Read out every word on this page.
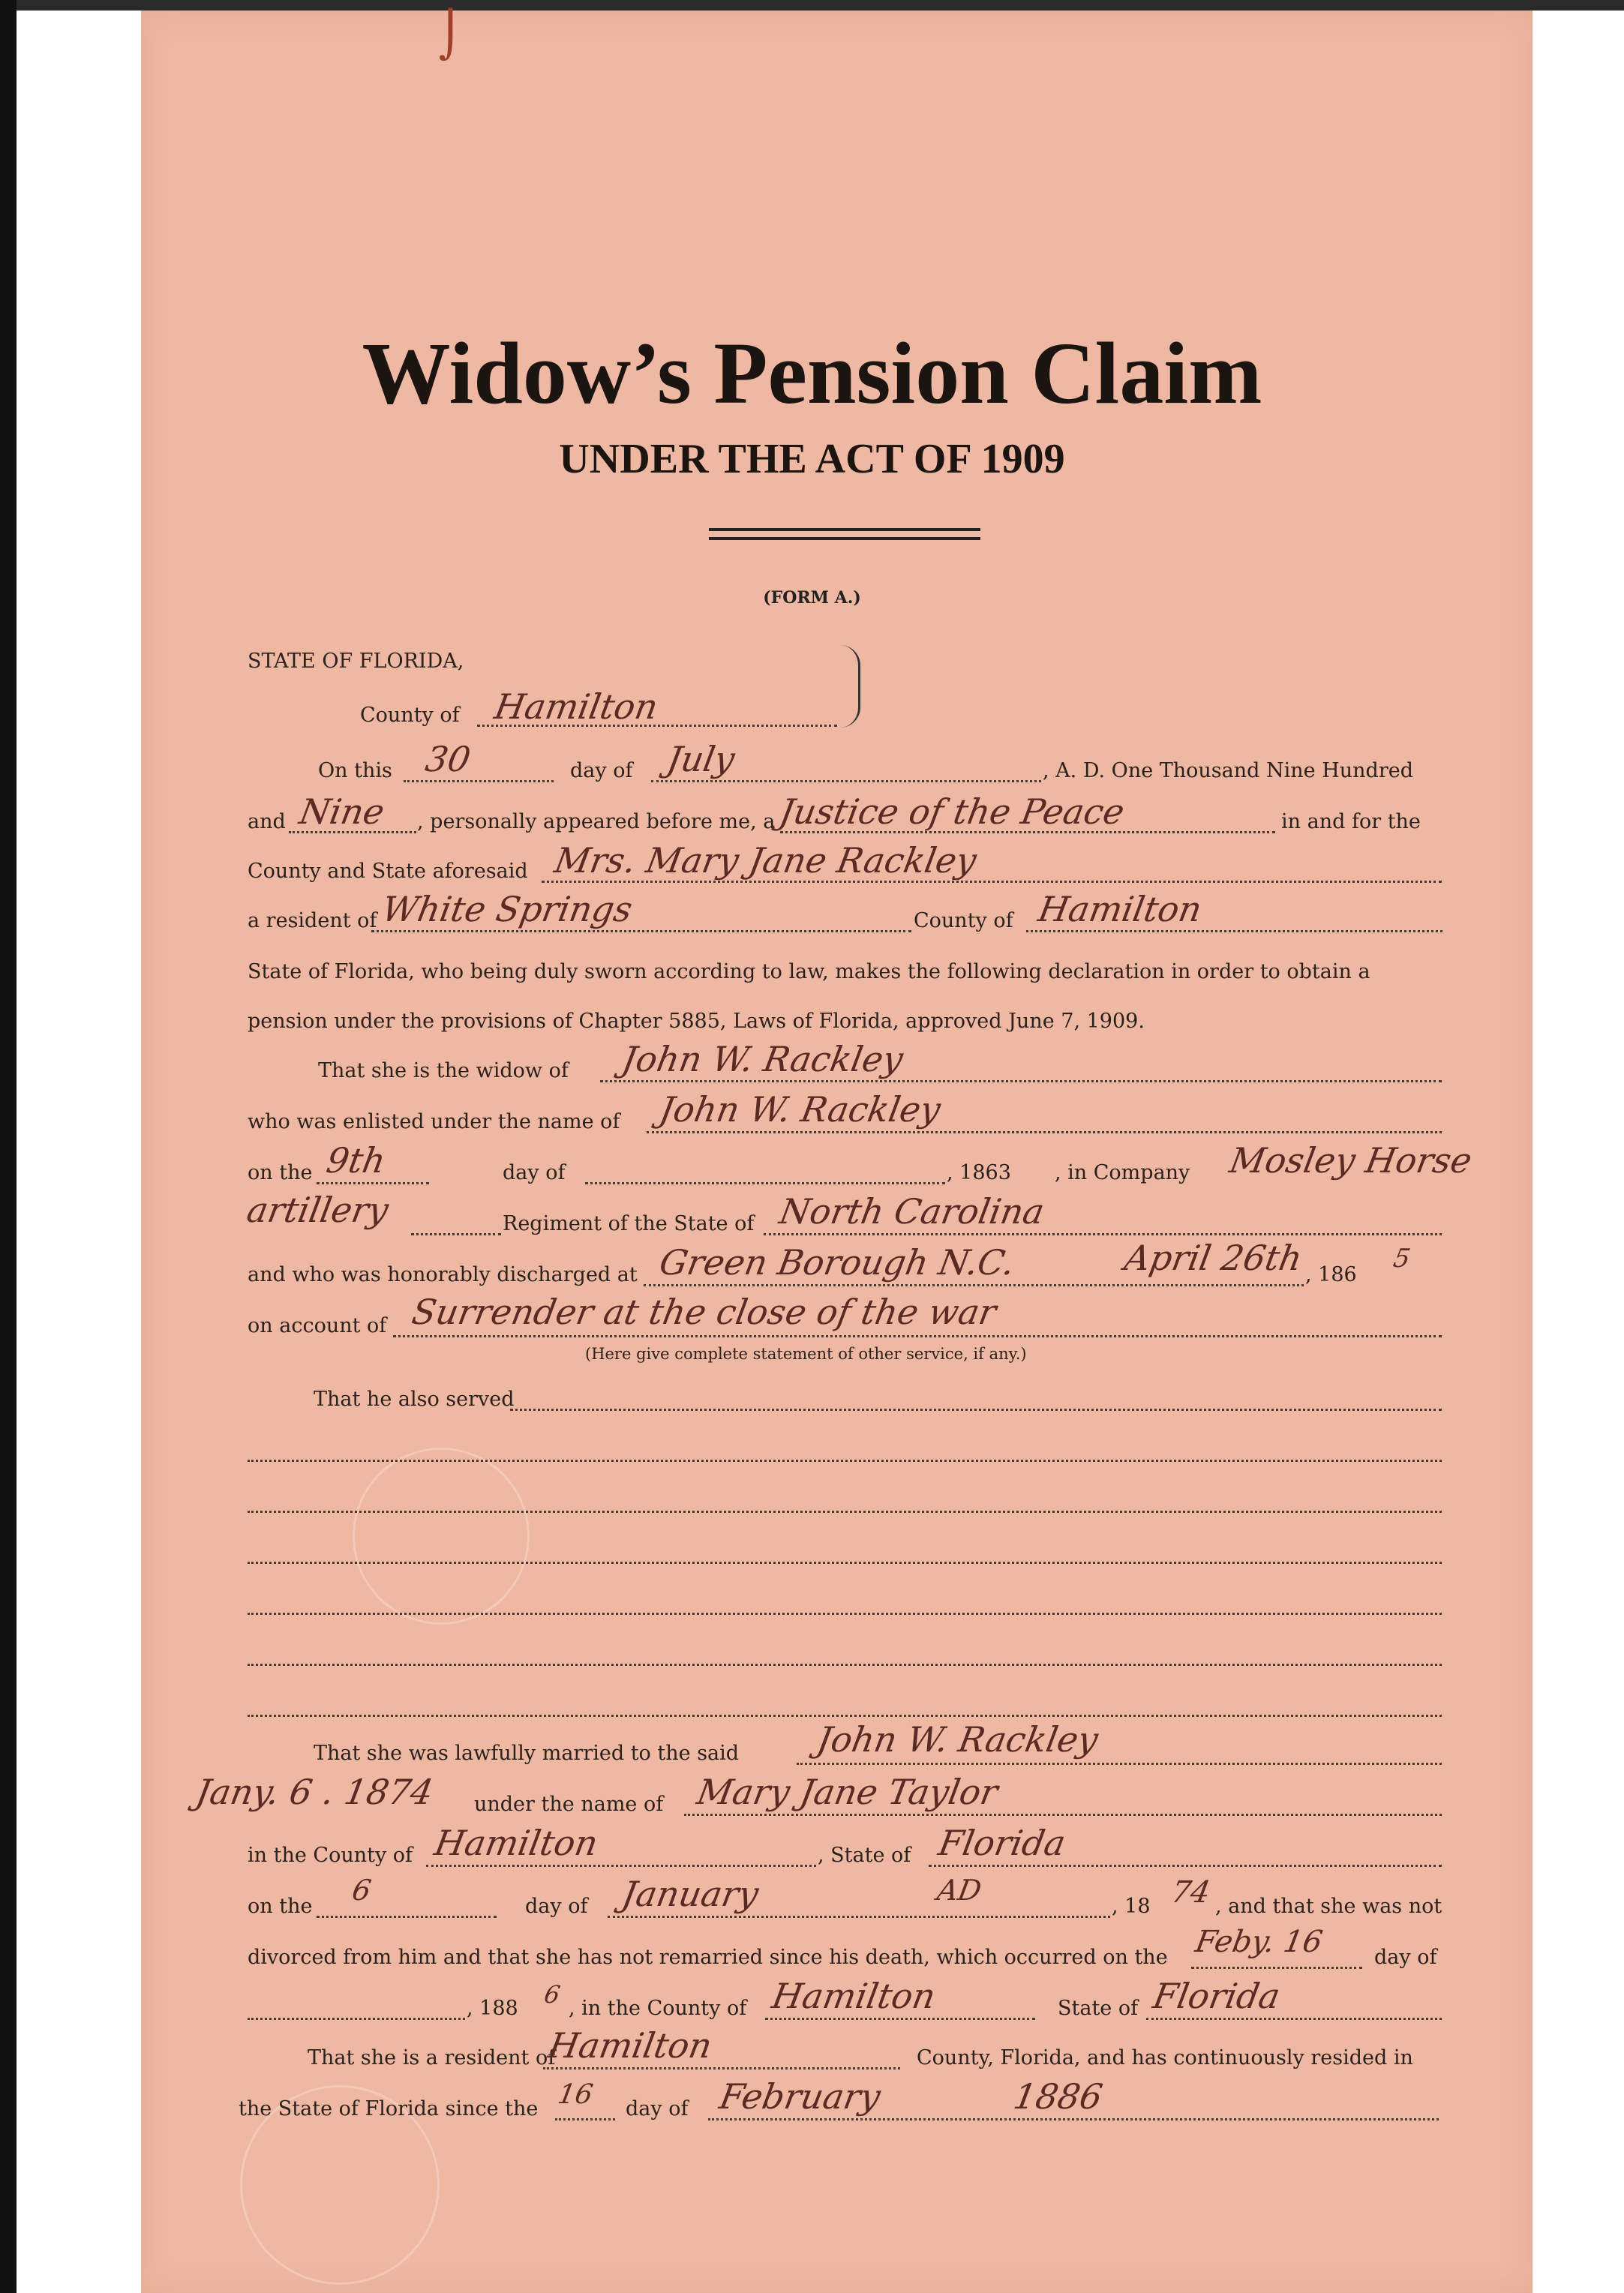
⌡
Widow’s Pension Claim
UNDER THE ACT OF 1909
(FORM A.)
STATE OF FLORIDA,
County of Hamilton
On this 30	day of July	, A. D. One Thousand Nine Hundred
and Nine , personally appeared before me, a Justice of the Peace	in and for the
County and State aforesaid Mrs. Mary Jane Rackley
a resident of White Springs	County of Hamilton
State of Florida, who being duly sworn according to law, makes the following declaration in order to obtain a
pension under the provisions of Chapter 5885, Laws of Florida, approved June 7, 1909.
That she is the widow of John W. Rackley
who was enlisted under the name of John W. Rackley
on the 9th	day of	, 1863 , in Company Mosley Horse
artillery	Regiment of the State of North Carolina
and who was honorably discharged at Green Borough N.C.	April 26th , 186
5
on account of Surrender at the close of the war
(Here give complete statement of other service, if any.)
That he also served
That she was lawfully married to the said John W. Rackley
Jany. 6 . 1874 under the name of Mary Jane Taylor
in the County of Hamilton	, State of Florida
on the 6	day of January	AD	, 18 74 , and that she was not
divorced from him and that she has not remarried since his death, which occurred on the Feby. 16 day of
, 188 6 , in the County of Hamilton	State of Florida
That she is a resident of
Hamilton	County, Florida, and has continuously resided in
the State of Florida since the 16 day of February	1886
